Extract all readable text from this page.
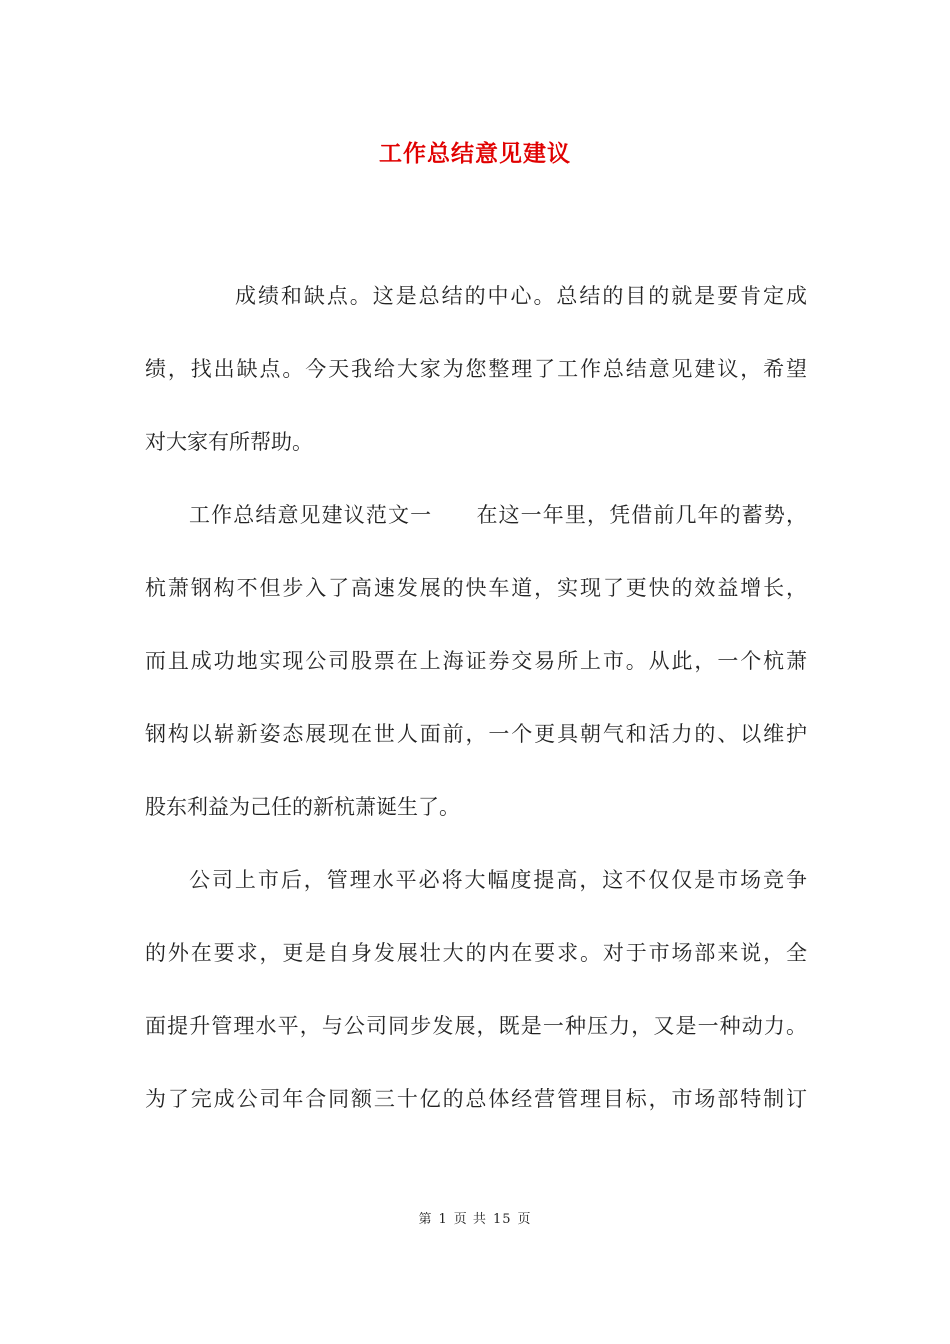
工作总结意见建议
成绩和缺点。这是总结的中心。总结的目的就是要肯定成
绩，找出缺点。今天我给大家为您整理了工作总结意见建议，希望
对大家有所帮助。
工作总结意见建议范文一　　在这一年里，凭借前几年的蓄势，
杭萧钢构不但步入了高速发展的快车道，实现了更快的效益增长，
而且成功地实现公司股票在上海证券交易所上市。从此，一个杭萧
钢构以崭新姿态展现在世人面前，一个更具朝气和活力的、以维护
股东利益为己任的新杭萧诞生了。
公司上市后，管理水平必将大幅度提高，这不仅仅是市场竞争
的外在要求，更是自身发展壮大的内在要求。对于市场部来说，全
面提升管理水平，与公司同步发展，既是一种压力，又是一种动力。
为了完成公司年合同额三十亿的总体经营管理目标，市场部特制订
第 1 页 共 15 页
